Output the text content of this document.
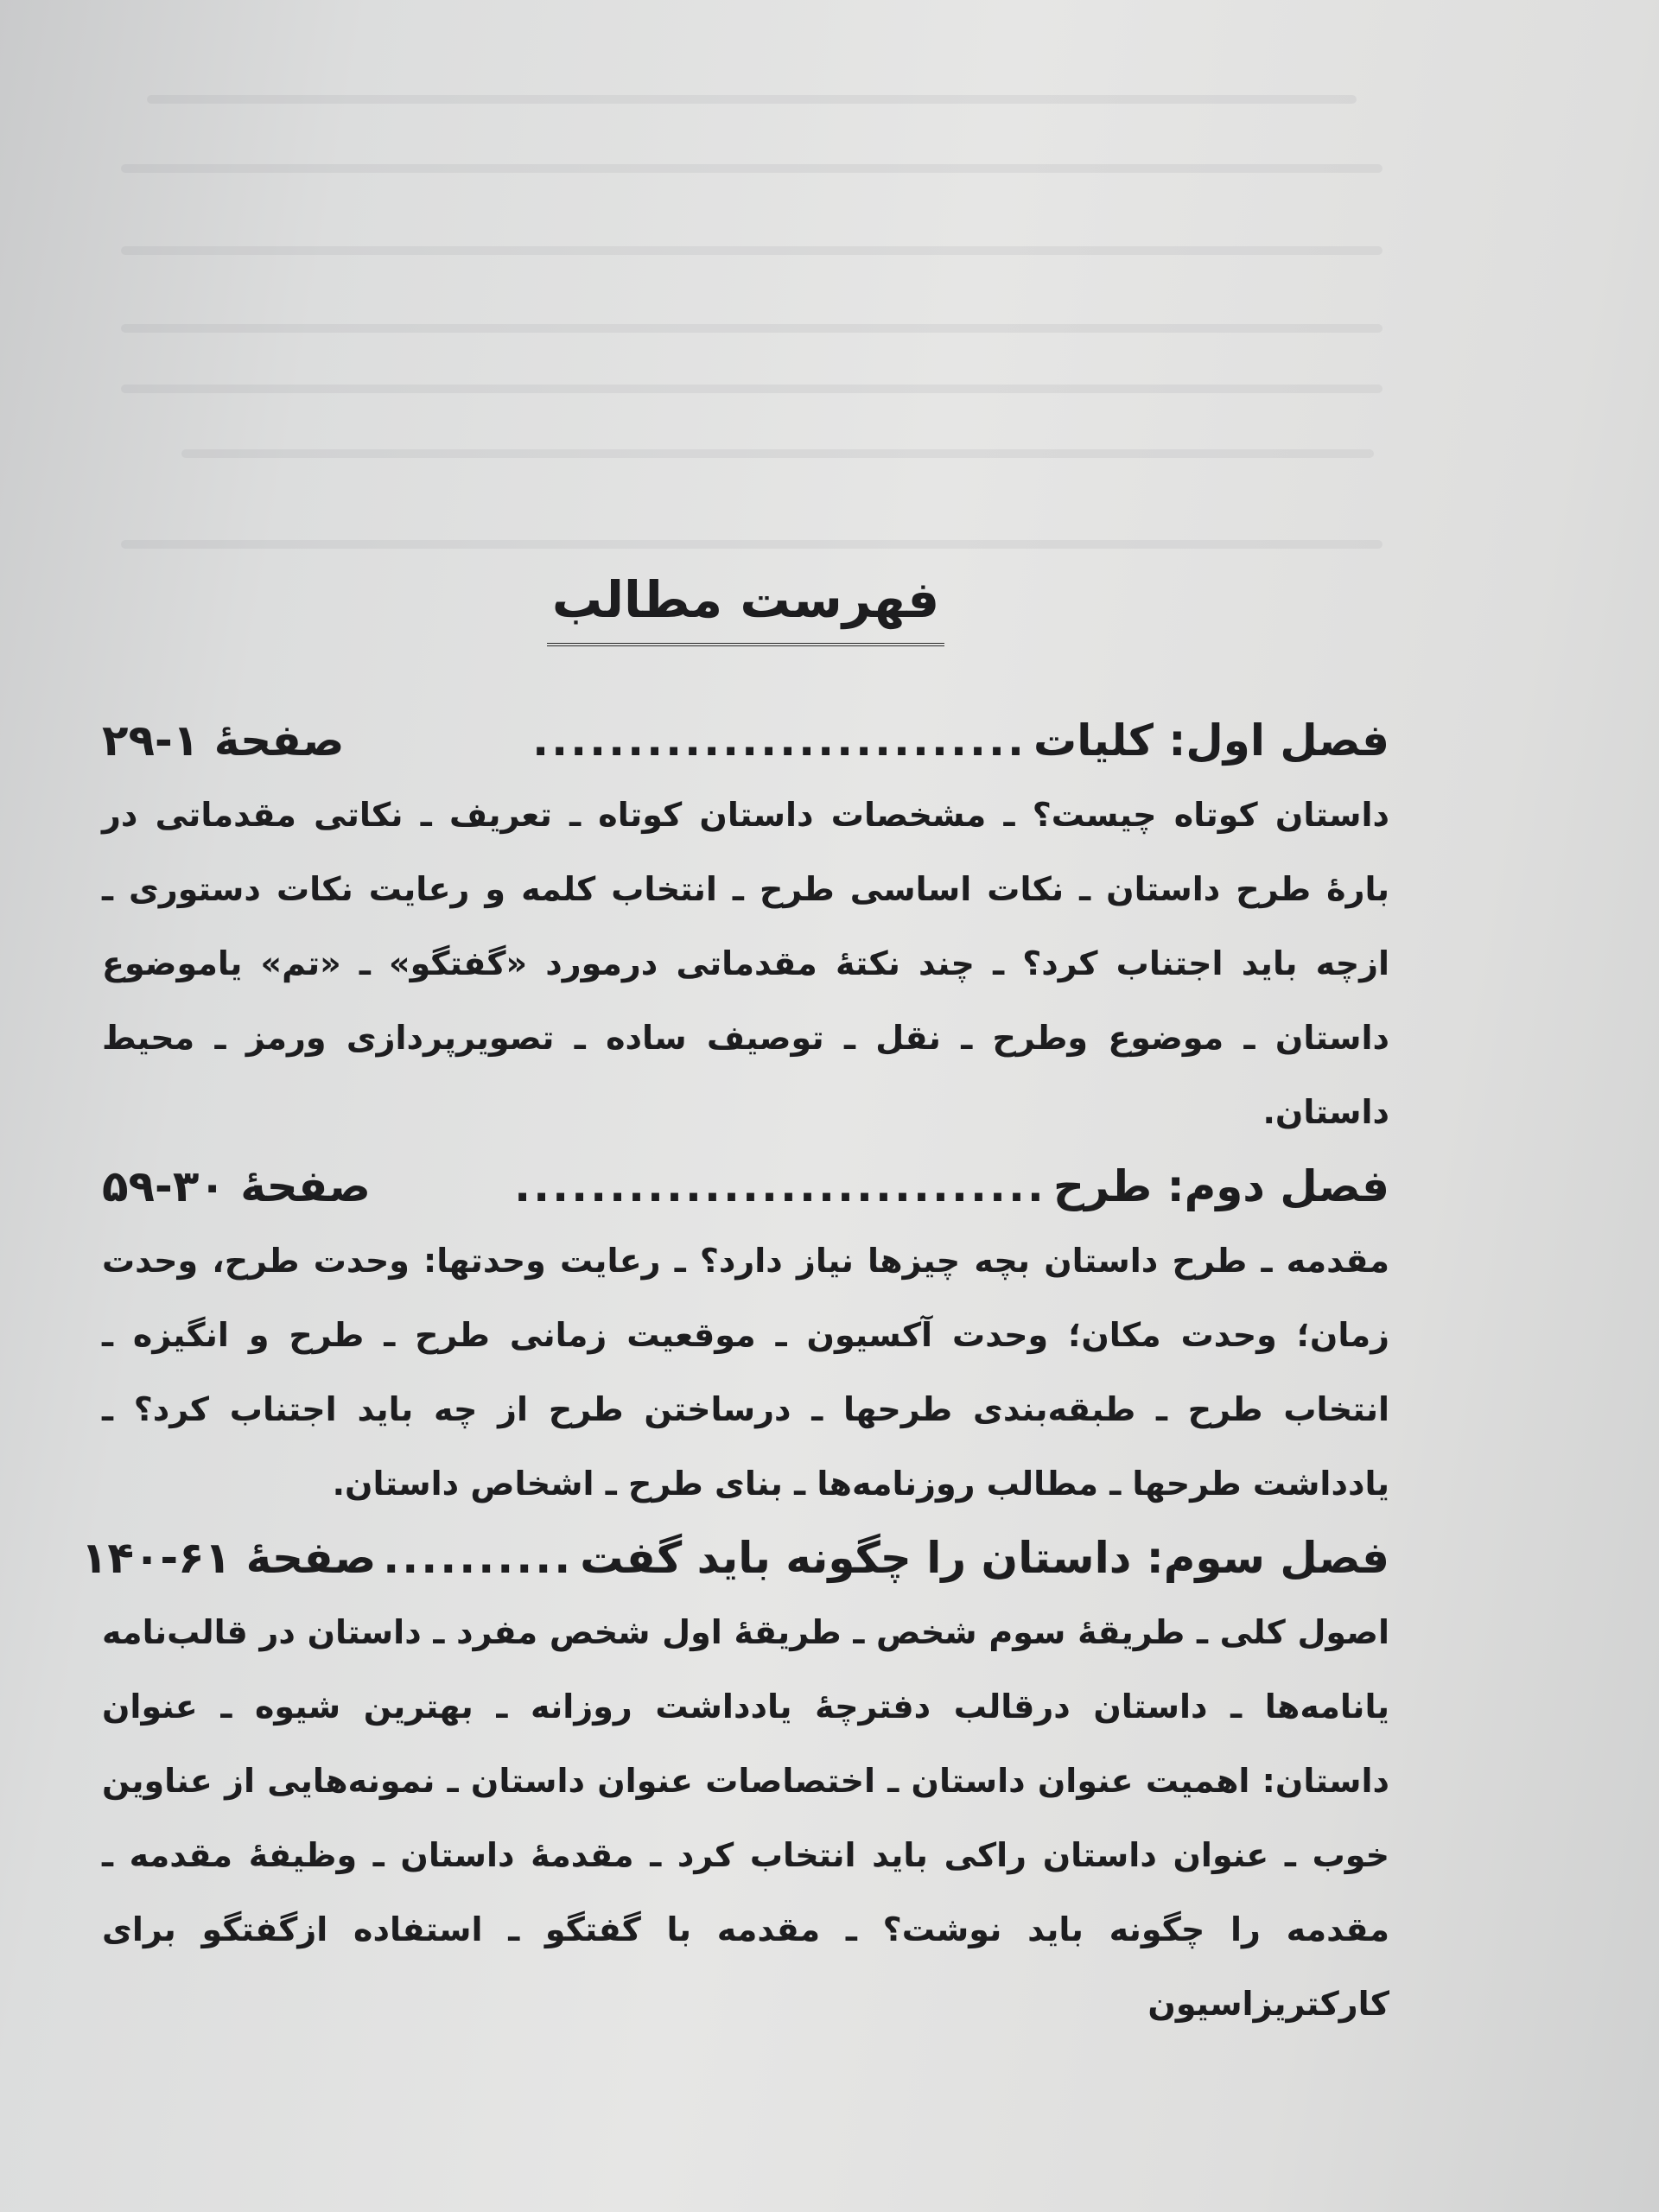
فهرست مطالب
فصل اول: کلیات
..........................
صفحهٔ ۱-۲۹
داستان کوتاه چیست؟ ـ مشخصات داستان کوتاه ـ تعریف ـ نکاتی مقدماتی در بارهٔ طرح داستان ـ نکات اساسی طرح ـ انتخاب کلمه و رعایت نکات دستوری ـ ازچه باید اجتناب کرد؟ ـ چند نکتهٔ مقدماتی درمورد «گفتگو» ـ «تم» یاموضوع داستان ـ موضوع وطرح ـ نقل ـ توصیف ساده ـ تصویرپردازی ورمز ـ محیط داستان.
فصل دوم: طرح
............................
صفحهٔ ۳۰-۵۹
مقدمه ـ طرح داستان بچه چیزها نیاز دارد؟ ـ رعایت وحدتها: وحدت طرح، وحدت زمان؛ وحدت مکان؛ وحدت آکسیون ـ موقعیت زمانی طرح ـ طرح و انگیزه ـ انتخاب طرح ـ طبقه‌بندی طرحها ـ درساختن طرح از چه باید اجتناب کرد؟ ـ یادداشت طرحها ـ مطالب روزنامه‌ها ـ بنای طرح ـ اشخاص داستان.
فصل سوم: داستان را چگونه باید گفت
..........
صفحهٔ ۶۱-۱۴۰
اصول کلی ـ طریقهٔ سوم شخص ـ طریقهٔ اول شخص مفرد ـ داستان در قالب‌نامه یانامه‌ها ـ داستان درقالب دفترچهٔ یادداشت روزانه ـ بهترین شیوه ـ عنوان داستان: اهمیت عنوان داستان ـ اختصاصات عنوان داستان ـ نمونه‌هایی از عناوین خوب ـ عنوان داستان راکی باید انتخاب کرد ـ مقدمهٔ داستان ـ وظیفهٔ مقدمه ـ مقدمه را چگونه باید نوشت؟ ـ مقدمه با گفتگو ـ استفاده ازگفتگو برای کارکتریزاسیون
